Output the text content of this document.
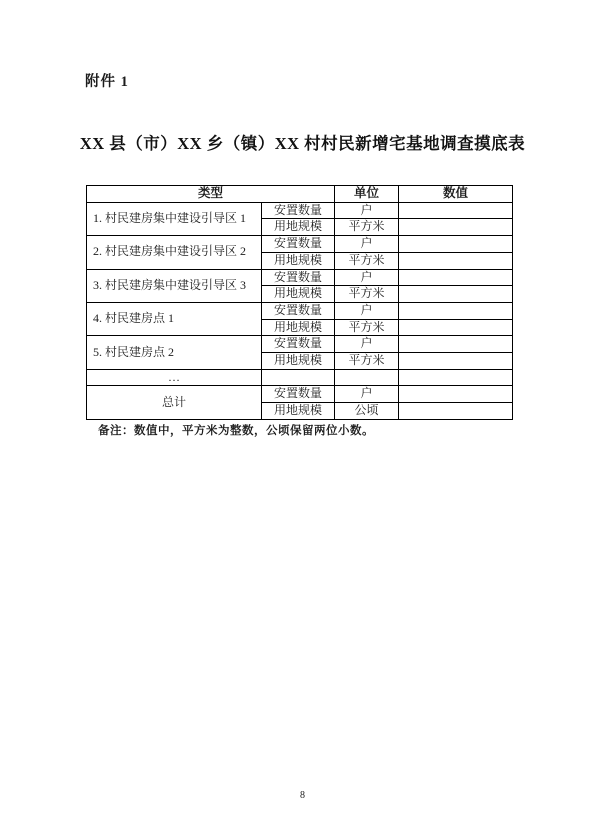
附件 1
XX 县（市）XX 乡（镇）XX 村村民新增宅基地调查摸底表
类型		单位	数值
1. 村民建房集中建设引导区 1	安置数量	户	
	用地规模	平方米	
2. 村民建房集中建设引导区 2	安置数量	户	
	用地规模	平方米	
3. 村民建房集中建设引导区 3	安置数量	户	
	用地规模	平方米	
4. 村民建房点 1	安置数量	户	
	用地规模	平方米	
5. 村民建房点 2	安置数量	户	
	用地规模	平方米	
…			
总计	安置数量	户	
	用地规模	公顷	
备注：数值中，平方米为整数，公顷保留两位小数。
8
